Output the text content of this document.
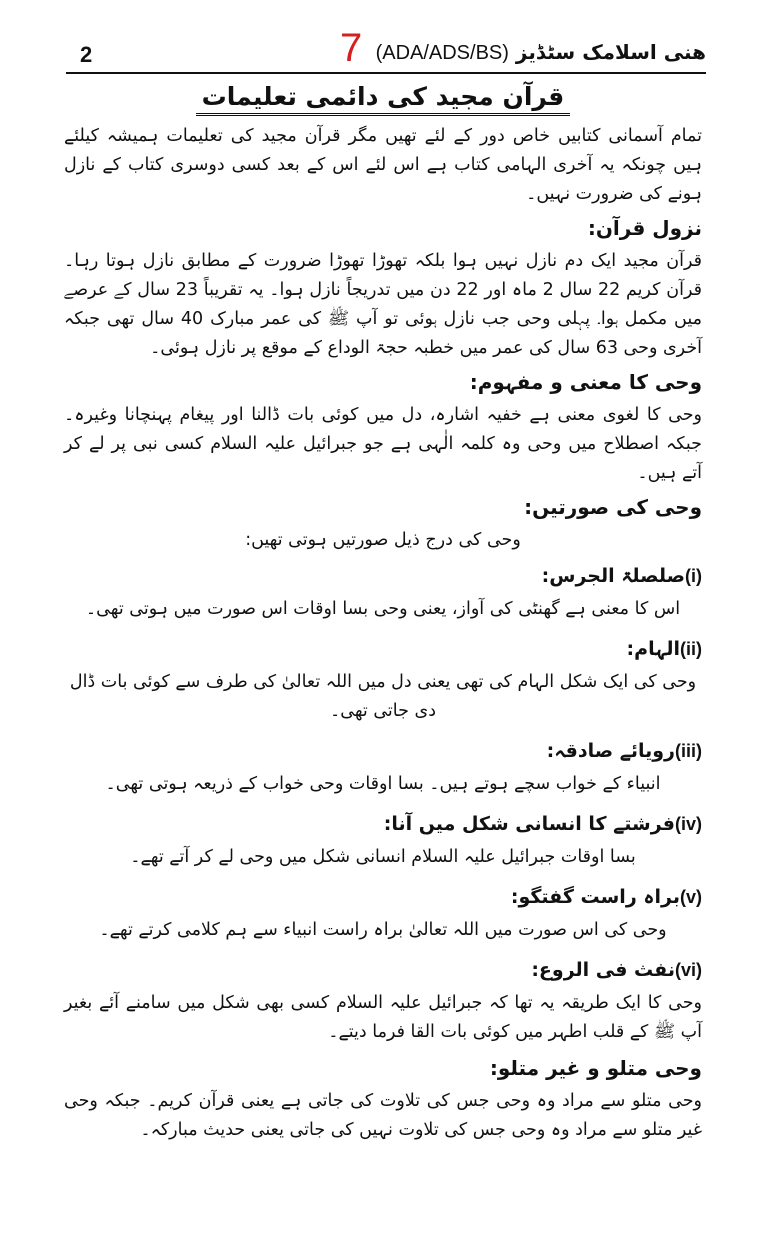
2	7	ھنی اسلامک سٹڈیز (ADA/ADS/BS)
قرآن مجید کی دائمی تعلیمات

تمام آسمانی کتابیں خاص دور کے لئے تھیں مگر قرآن مجید کی تعلیمات ہمیشہ کیلئے ہیں چونکہ یہ آخری الہامی کتاب ہے اس لئے اس کے بعد کسی دوسری کتاب کے نازل ہونے کی ضرورت نہیں۔

نزول قرآن:

قرآن مجید ایک دم نازل نہیں ہوا بلکہ تھوڑا تھوڑا ضرورت کے مطابق نازل ہوتا رہا۔ قرآن کریم 22 سال 2 ماہ اور 22 دن میں تدریجاً نازل ہوا۔ یہ تقریباً 23 سال کے عرصے میں مکمل ہوا۔ پہلی وحی جب نازل ہوئی تو آپ ﷺ کی عمر مبارک 40 سال تھی جبکہ آخری وحی 63 سال کی عمر میں خطبہ حجۃ الوداع کے موقع پر نازل ہوئی۔

وحی کا معنی و مفہوم:

وحی کا لغوی معنی ہے خفیہ اشارہ، دل میں کوئی بات ڈالنا اور پیغام پہنچانا وغیرہ۔ جبکہ اصطلاح میں وحی وہ کلمہ الٰہی ہے جو جبرائیل علیہ السلام کسی نبی پر لے کر آتے ہیں۔

وحی کی صورتیں:

وحی کی درج ذیل صورتیں ہوتی تھیں:

(i)صلصلۃ الجرس:

اس کا معنی ہے گھنٹی کی آواز، یعنی وحی بسا اوقات اس صورت میں ہوتی تھی۔

(ii)الہام:

وحی کی ایک شکل الہام کی تھی یعنی دل میں اللہ تعالیٰ کی طرف سے کوئی بات ڈال دی جاتی تھی۔

(iii)رویائے صادقہ:

انبیاء کے خواب سچے ہوتے ہیں۔ بسا اوقات وحی خواب کے ذریعہ ہوتی تھی۔

(iv)فرشتے کا انسانی شکل میں آنا:

بسا اوقات جبرائیل علیہ السلام انسانی شکل میں وحی لے کر آتے تھے۔

(v)براہ راست گفتگو:

وحی کی اس صورت میں اللہ تعالیٰ براہ راست انبیاء سے ہم کلامی کرتے تھے۔

(vi)نفث فی الروع:

وحی کا ایک طریقہ یہ تھا کہ جبرائیل علیہ السلام کسی بھی شکل میں سامنے آئے بغیر آپ ﷺ کے قلب اطہر میں کوئی بات القا فرما دیتے۔

وحی متلو و غیر متلو:

وحی متلو سے مراد وہ وحی جس کی تلاوت کی جاتی ہے یعنی قرآن کریم۔ جبکہ وحی غیر متلو سے مراد وہ وحی جس کی تلاوت نہیں کی جاتی یعنی حدیث مبارکہ۔
